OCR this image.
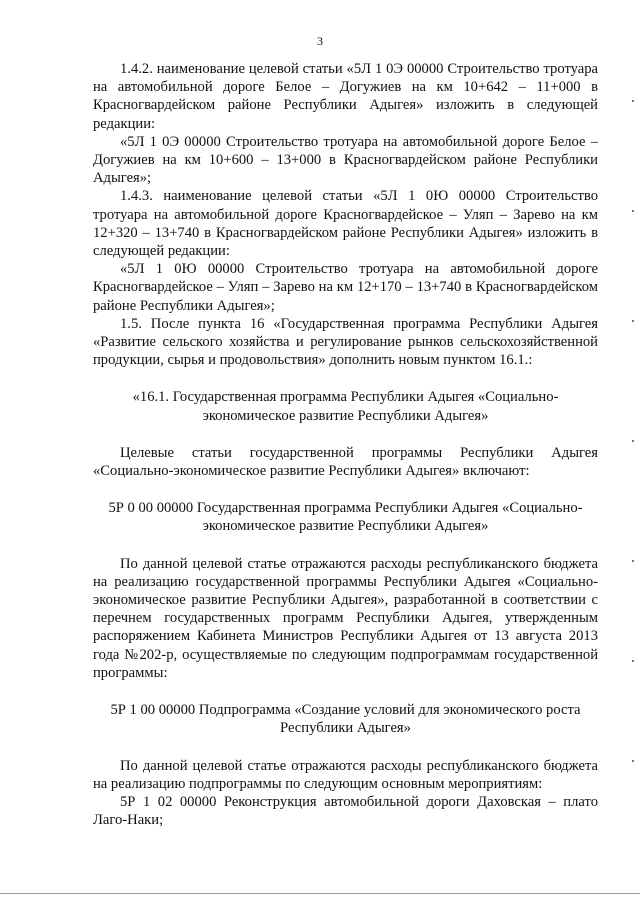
3

1.4.2. наименование целевой статьи «5Л 1 0Э 00000 Строительство тротуара на автомобильной дороге Белое – Догужиев на км 10+642 – 11+000 в Красногвардейском районе Республики Адыгея» изложить в следующей редакции:

«5Л 1 0Э 00000 Строительство тротуара на автомобильной дороге Белое – Догужиев на км 10+600 – 13+000 в Красногвардейском районе Республики Адыгея»;

1.4.3. наименование целевой статьи «5Л 1 0Ю 00000 Строительство тротуара на автомобильной дороге Красногвардейское – Уляп – Зарево на км 12+320 – 13+740 в Красногвардейском районе Республики Адыгея» изложить в следующей редакции:

«5Л 1 0Ю 00000 Строительство тротуара на автомобильной дороге Красногвардейское – Уляп – Зарево на км 12+170 – 13+740 в Красногвардейском районе Республики Адыгея»;

1.5. После пункта 16 «Государственная программа Республики Адыгея «Развитие сельского хозяйства и регулирование рынков сельскохозяйственной продукции, сырья и продовольствия» дополнить новым пунктом 16.1.:

«16.1. Государственная программа Республики Адыгея «Социально-экономическое развитие Республики Адыгея»

Целевые статьи государственной программы Республики Адыгея «Социально-экономическое развитие Республики Адыгея» включают:

5Р 0 00 00000 Государственная программа Республики Адыгея «Социально-экономическое развитие Республики Адыгея»

По данной целевой статье отражаются расходы республиканского бюджета на реализацию государственной программы Республики Адыгея «Социально-экономическое развитие Республики Адыгея», разработанной в соответствии с перечнем государственных программ Республики Адыгея, утвержденным распоряжением Кабинета Министров Республики Адыгея от 13 августа 2013 года №202-р, осуществляемые по следующим подпрограммам государственной программы:

5Р 1 00 00000 Подпрограмма «Создание условий для экономического роста Республики Адыгея»

По данной целевой статье отражаются расходы республиканского бюджета на реализацию подпрограммы по следующим основным мероприятиям:

5Р 1 02 00000 Реконструкция автомобильной дороги Даховская – плато Лаго-Наки;
